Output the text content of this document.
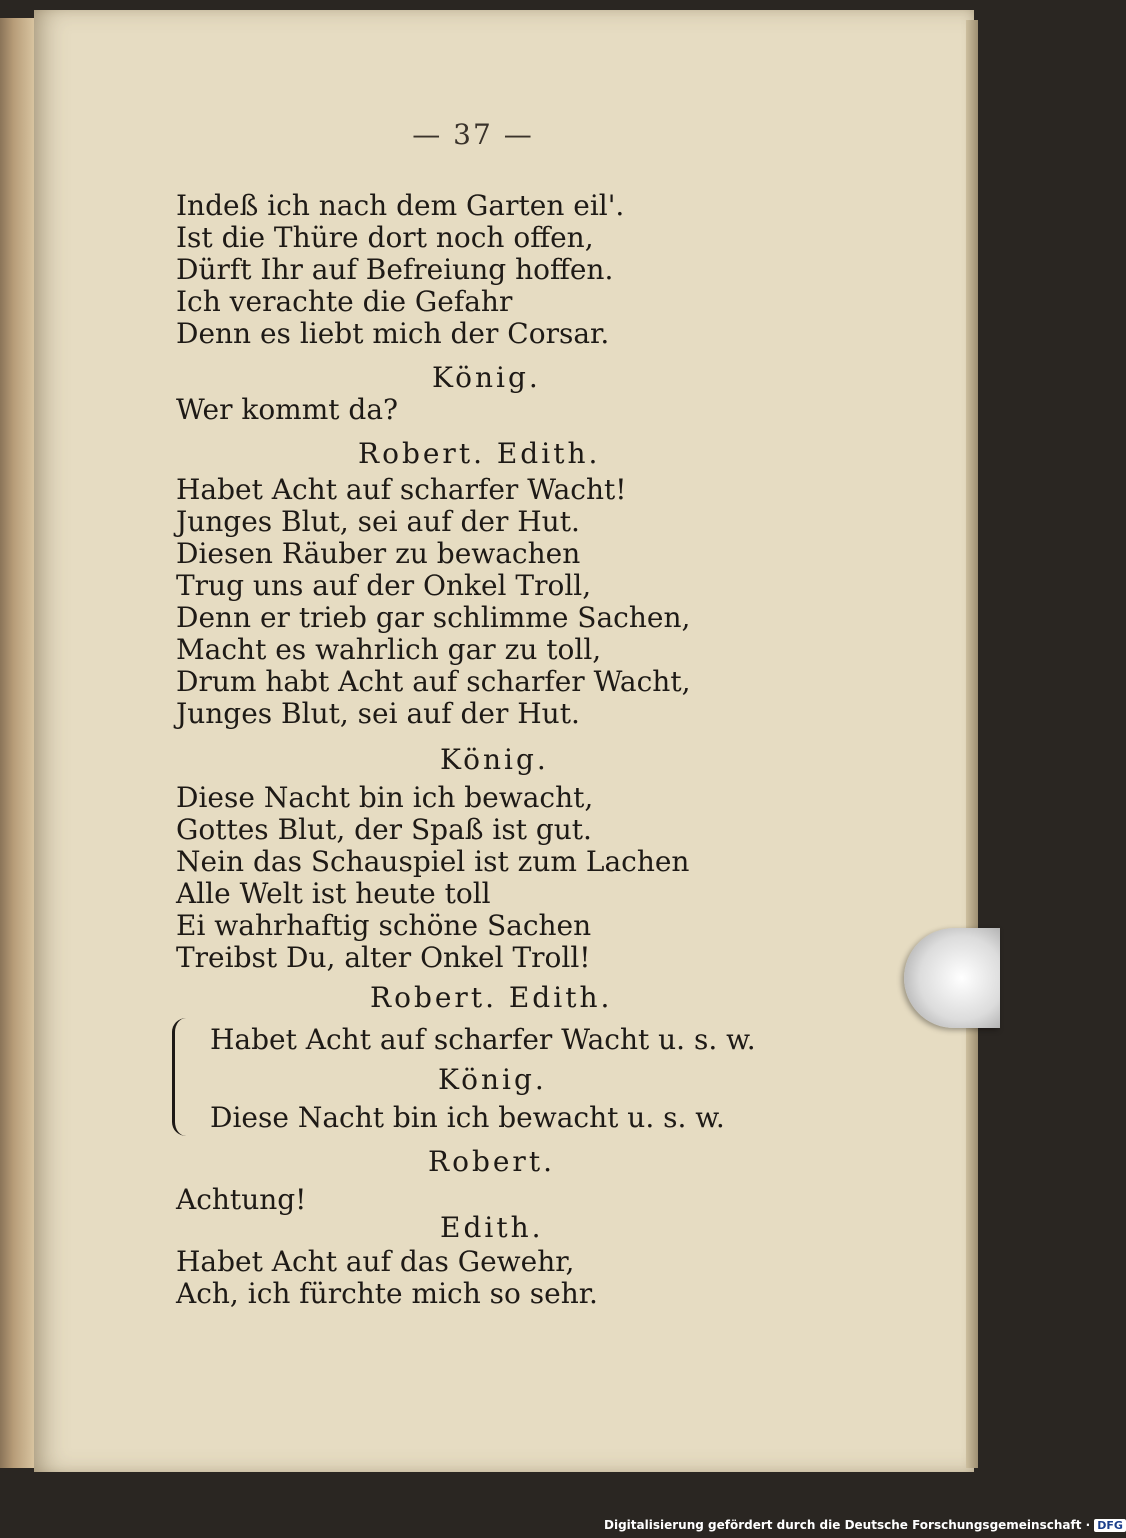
— 37 —
Indeß ich nach dem Garten eil'.
Ist die Thüre dort noch offen,
Dürft Ihr auf Befreiung hoffen.
Ich verachte die Gefahr
Denn es liebt mich der Corsar.
König.
Wer kommt da?
Robert. Edith.
Habet Acht auf scharfer Wacht!
Junges Blut, sei auf der Hut.
Diesen Räuber zu bewachen
Trug uns auf der Onkel Troll,
Denn er trieb gar schlimme Sachen,
Macht es wahrlich gar zu toll,
Drum habt Acht auf scharfer Wacht,
Junges Blut, sei auf der Hut.
König.
Diese Nacht bin ich bewacht,
Gottes Blut, der Spaß ist gut.
Nein das Schauspiel ist zum Lachen
Alle Welt ist heute toll
Ei wahrhaftig schöne Sachen
Treibst Du, alter Onkel Troll!
Robert. Edith.
Habet Acht auf scharfer Wacht u. s. w.
König.
Diese Nacht bin ich bewacht u. s. w.
Robert.
Achtung!
Edith.
Habet Acht auf das Gewehr,
Ach, ich fürchte mich so sehr.
Digitalisierung gefördert durch die Deutsche Forschungsgemeinschaft · DFG
